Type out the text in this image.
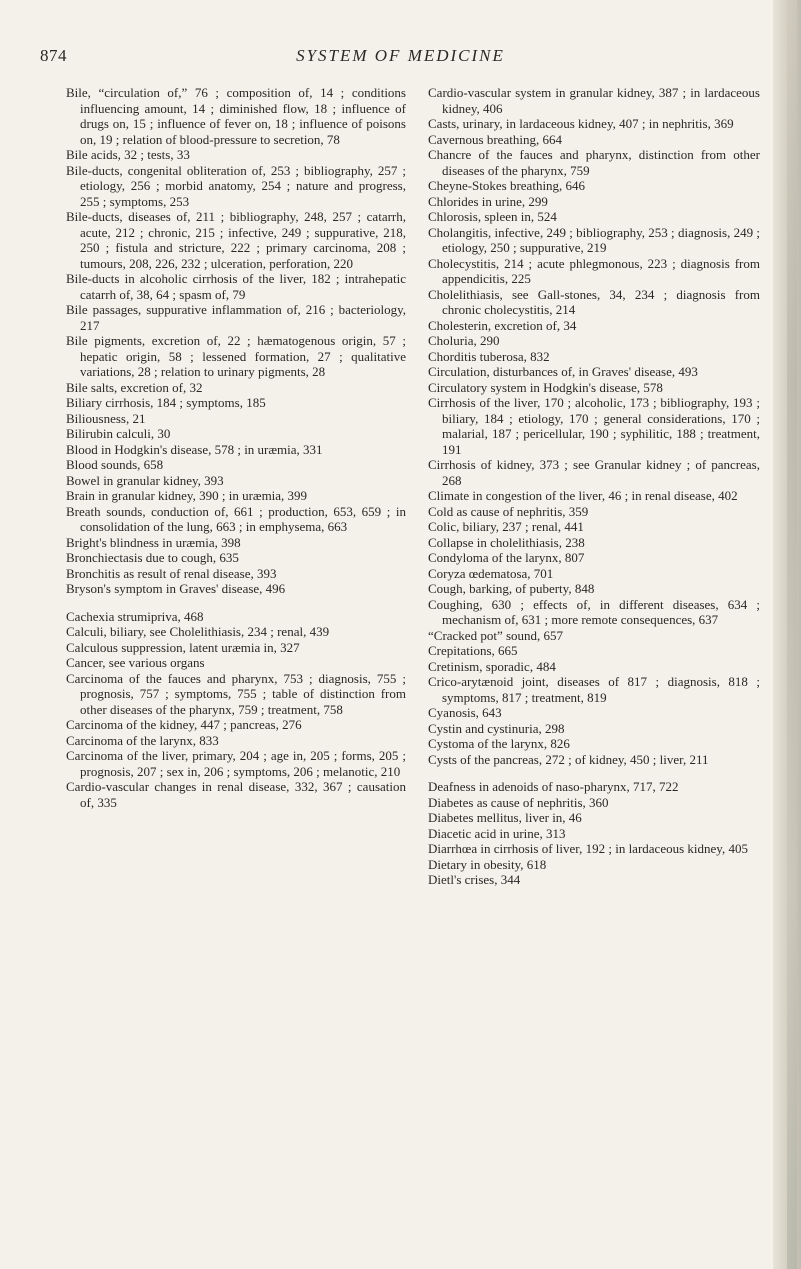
874	SYSTEM OF MEDICINE

Bile, “circulation of,” 76 ; composition of, 14 ; conditions influencing amount, 14 ; diminished flow, 18 ; influence of drugs on, 15 ; influence of fever on, 18 ; influence of poisons on, 19 ; relation of blood-pressure to secretion, 78

Bile acids, 32 ; tests, 33

Bile-ducts, congenital obliteration of, 253 ; bibliography, 257 ; etiology, 256 ; morbid anatomy, 254 ; nature and progress, 255 ; symptoms, 253

Bile-ducts, diseases of, 211 ; bibliography, 248, 257 ; catarrh, acute, 212 ; chronic, 215 ; infective, 249 ; suppurative, 218, 250 ; fistula and stricture, 222 ; primary carcinoma, 208 ; tumours, 208, 226, 232 ; ulceration, perforation, 220

Bile-ducts in alcoholic cirrhosis of the liver, 182 ; intrahepatic catarrh of, 38, 64 ; spasm of, 79

Bile passages, suppurative inflammation of, 216 ; bacteriology, 217

Bile pigments, excretion of, 22 ; hæmatogenous origin, 57 ; hepatic origin, 58 ; lessened formation, 27 ; qualitative variations, 28 ; relation to urinary pigments, 28

Bile salts, excretion of, 32

Biliary cirrhosis, 184 ; symptoms, 185

Biliousness, 21

Bilirubin calculi, 30

Blood in Hodgkin's disease, 578 ; in uræmia, 331

Blood sounds, 658

Bowel in granular kidney, 393

Brain in granular kidney, 390 ; in uræmia, 399

Breath sounds, conduction of, 661 ; production, 653, 659 ; in consolidation of the lung, 663 ; in emphysema, 663

Bright's blindness in uræmia, 398

Bronchiectasis due to cough, 635

Bronchitis as result of renal disease, 393

Bryson's symptom in Graves' disease, 496

Cachexia strumipriva, 468

Calculi, biliary, see Cholelithiasis, 234 ; renal, 439

Calculous suppression, latent uræmia in, 327

Cancer, see various organs

Carcinoma of the fauces and pharynx, 753 ; diagnosis, 755 ; prognosis, 757 ; symptoms, 755 ; table of distinction from other diseases of the pharynx, 759 ; treatment, 758

Carcinoma of the kidney, 447 ; pancreas, 276

Carcinoma of the larynx, 833

Carcinoma of the liver, primary, 204 ; age in, 205 ; forms, 205 ; prognosis, 207 ; sex in, 206 ; symptoms, 206 ; melanotic, 210

Cardio-vascular changes in renal disease, 332, 367 ; causation of, 335

Cardio-vascular system in granular kidney, 387 ; in lardaceous kidney, 406

Casts, urinary, in lardaceous kidney, 407 ; in nephritis, 369

Cavernous breathing, 664

Chancre of the fauces and pharynx, distinction from other diseases of the pharynx, 759

Cheyne-Stokes breathing, 646

Chlorides in urine, 299

Chlorosis, spleen in, 524

Cholangitis, infective, 249 ; bibliography, 253 ; diagnosis, 249 ; etiology, 250 ; suppurative, 219

Cholecystitis, 214 ; acute phlegmonous, 223 ; diagnosis from appendicitis, 225

Cholelithiasis, see Gall-stones, 34, 234 ; diagnosis from chronic cholecystitis, 214

Cholesterin, excretion of, 34

Choluria, 290

Chorditis tuberosa, 832

Circulation, disturbances of, in Graves' disease, 493

Circulatory system in Hodgkin's disease, 578

Cirrhosis of the liver, 170 ; alcoholic, 173 ; bibliography, 193 ; biliary, 184 ; etiology, 170 ; general considerations, 170 ; malarial, 187 ; pericellular, 190 ; syphilitic, 188 ; treatment, 191

Cirrhosis of kidney, 373 ; see Granular kidney ; of pancreas, 268

Climate in congestion of the liver, 46 ; in renal disease, 402

Cold as cause of nephritis, 359

Colic, biliary, 237 ; renal, 441

Collapse in cholelithiasis, 238

Condyloma of the larynx, 807

Coryza œdematosa, 701

Cough, barking, of puberty, 848

Coughing, 630 ; effects of, in different diseases, 634 ; mechanism of, 631 ; more remote consequences, 637

“Cracked pot” sound, 657

Crepitations, 665

Cretinism, sporadic, 484

Crico-arytænoid joint, diseases of 817 ; diagnosis, 818 ; symptoms, 817 ; treatment, 819

Cyanosis, 643

Cystin and cystinuria, 298

Cystoma of the larynx, 826

Cysts of the pancreas, 272 ; of kidney, 450 ; liver, 211

Deafness in adenoids of naso-pharynx, 717, 722

Diabetes as cause of nephritis, 360

Diabetes mellitus, liver in, 46

Diacetic acid in urine, 313

Diarrhœa in cirrhosis of liver, 192 ; in lardaceous kidney, 405

Dietary in obesity, 618

Dietl's crises, 344
